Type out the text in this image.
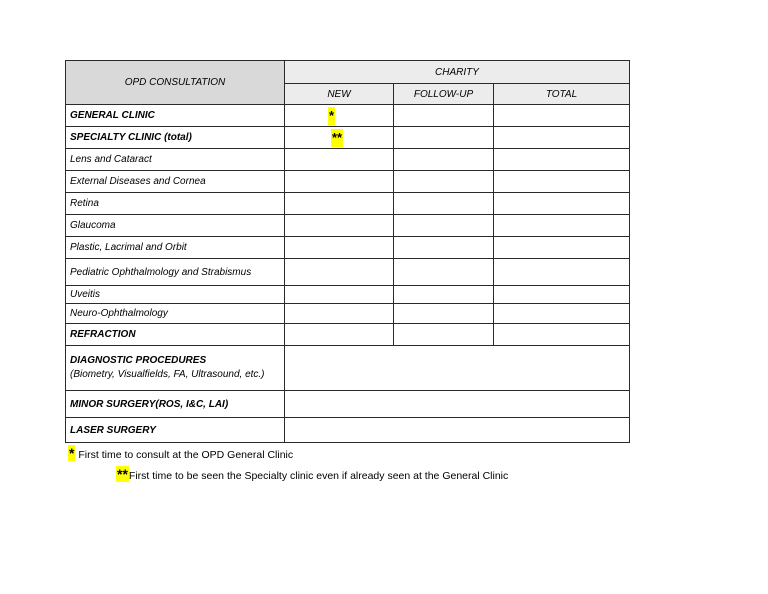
OPD CONSULTATION	CHARITY		
	NEW	FOLLOW-UP	TOTAL
GENERAL CLINIC	*		

SPECIALTY CLINIC (total)	**		

Lens and Cataract			
External Diseases and Cornea			
Retina			
Glaucoma			
Plastic, Lacrimal and Orbit			
Pediatric Ophthalmology and Strabismus			
Uveitis			
Neuro-Ophthalmology			
REFRACTION			

DIAGNOSTIC PROCEDURES
(Biometry, Visualfields, FA, Ultrasound, etc.)			

MINOR SURGERY(ROS, I&C, LAI)			
LASER SURGERY			
* First time to consult at the OPD General Clinic
**First time to be seen the Specialty clinic even if already seen at the General Clinic
